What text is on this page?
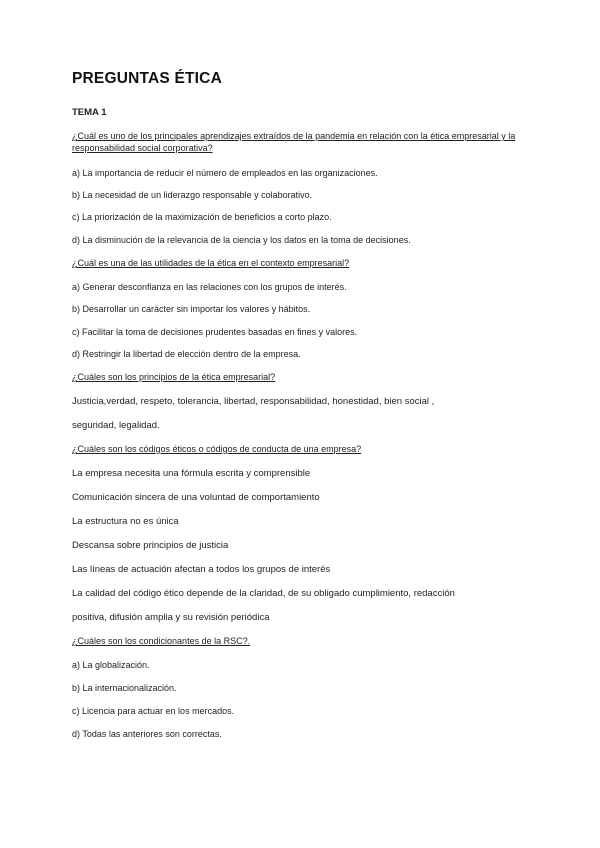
PREGUNTAS ÉTICA
TEMA 1
¿Cuál es uno de los principales aprendizajes extraídos de la pandemia en relación con la ética empresarial y la
responsabilidad social corporativa?
a) La importancia de reducir el número de empleados en las organizaciones.
b) La necesidad de un liderazgo responsable y colaborativo.
c) La priorización de la maximización de beneficios a corto plazo.
d) La disminución de la relevancia de la ciencia y los datos en la toma de decisiones.
¿Cuál es una de las utilidades de la ética en el contexto empresarial?
a) Generar desconfianza en las relaciones con los grupos de interés.
b) Desarrollar un carácter sin importar los valores y hábitos.
c) Facilitar la toma de decisiones prudentes basadas en fines y valores.
d) Restringir la libertad de elección dentro de la empresa.
¿Cuáles son los principios de la ética empresarial?
Justicia,verdad, respeto, tolerancia, libertad, responsabilidad, honestidad, bien social ,
seguridad, legalidad.
¿Cuáles son los códigos éticos o códigos de conducta de una empresa?
La empresa necesita una fórmula escrita y comprensible
Comunicación sincera de una voluntad de comportamiento
La estructura no es única
Descansa sobre principios de justicia
Las líneas de actuación afectan a todos los grupos de interés
La calidad del código ético depende de la claridad, de su obligado cumplimiento, redacción
positiva, difusión amplia y su revisión periódica
¿Cuáles son los condicionantes de la RSC?.
a) La globalización.
b) La internacionalización.
c) Licencia para actuar en los mercados.
d) Todas las anteriores son correctas.
